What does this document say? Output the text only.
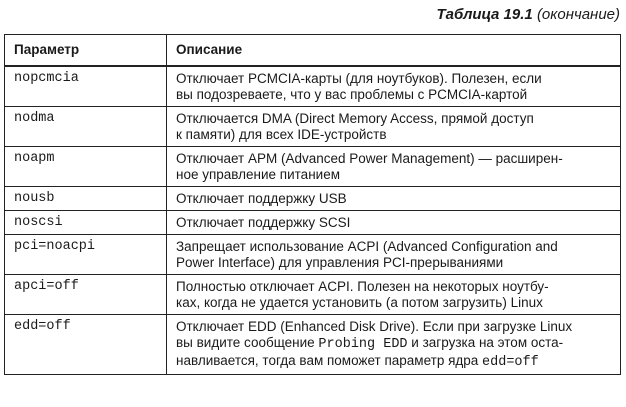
Таблица 19.1 (окончание)
Параметр	Описание
nopcmcia	Отключает PCMCIA-карты (для ноутбуков). Полезен, если
вы подозреваете, что у вас проблемы с PCMCIA-картой

nodma	Отключается DMA (Direct Memory Access, прямой доступ
к памяти) для всех IDE-устройств

noapm	Отключает APM (Advanced Power Management) — расширен-
ное управление питанием

nousb	Отключает поддержку USB

noscsi	Отключает поддержку SCSI

pci=noacpi	Запрещает использование ACPI (Advanced Configuration and
Power Interface) для управления PCI-прерываниями

apci=off	Полностью отключает ACPI. Полезен на некоторых ноутбу-
ках, когда не удается установить (а потом загрузить) Linux

edd=off	Отключает EDD (Enhanced Disk Drive). Если при загрузке Linux
вы видите сообщение Probing EDD и загрузка на этом оста-
навливается, тогда вам поможет параметр ядра edd=off
